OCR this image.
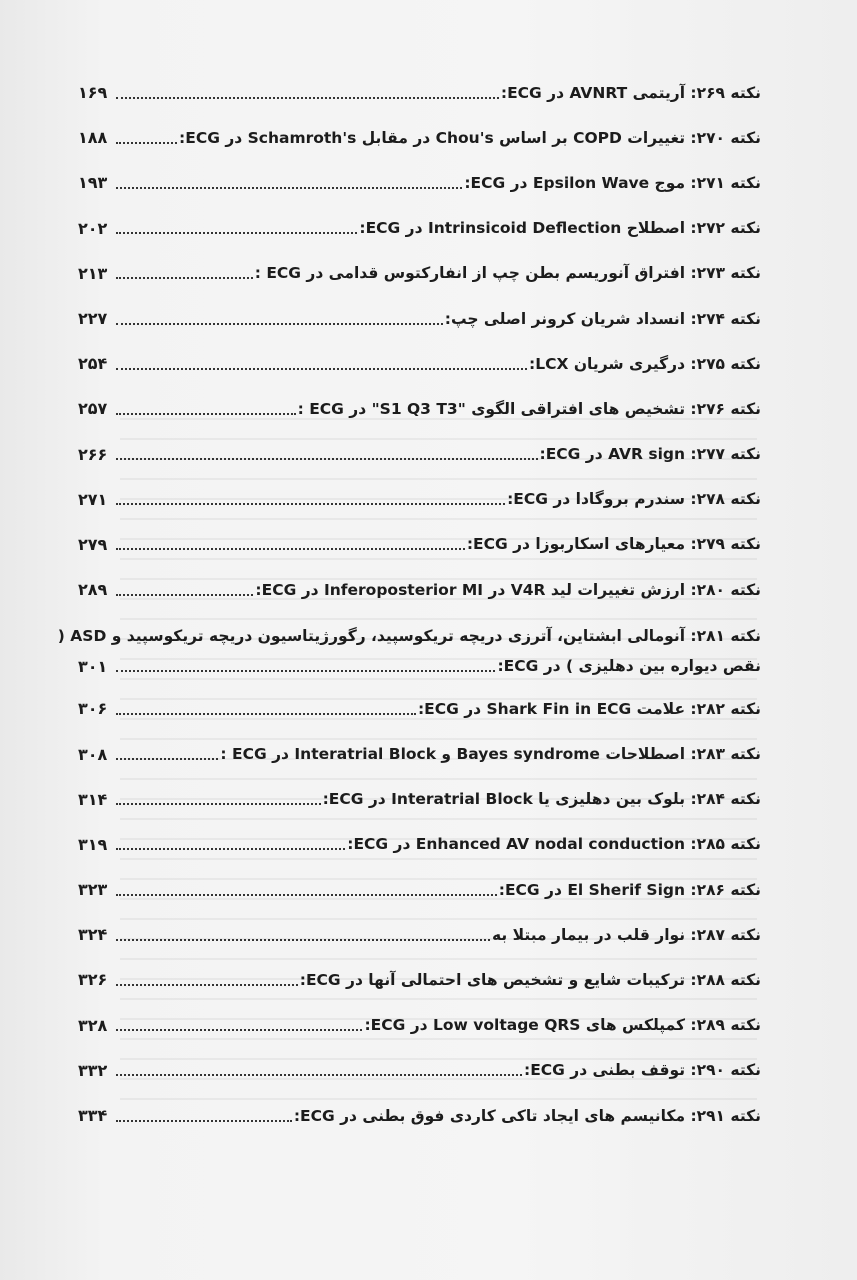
نکته ۲۶۹: آریتمی AVNRT در ECG:
۱۶۹
نکته ۲۷۰: تغییرات COPD بر اساس Chou's در مقابل Schamroth's در ECG:
۱۸۸
نکته ۲۷۱: موج Epsilon Wave در ECG:
۱۹۳
نکته ۲۷۲: اصطلاح Intrinsicoid Deflection در ECG:
۲۰۲
نکته ۲۷۳: افتراق آنوریسم بطن چپ از انفارکتوس قدامی در ECG :
۲۱۳
نکته ۲۷۴: انسداد شریان کرونر اصلی چپ:
۲۲۷
نکته ۲۷۵: درگیری شریان LCX:
۲۵۴
نکته ۲۷۶: تشخیص های افتراقی الگوی "S1 Q3 T3" در ECG :
۲۵۷
نکته ۲۷۷: AVR sign در ECG:
۲۶۶
نکته ۲۷۸: سندرم بروگادا در ECG:
۲۷۱
نکته ۲۷۹: معیارهای اسکاربوزا در ECG:
۲۷۹
نکته ۲۸۰: ارزش تغییرات لید V4R در Inferoposterior MI در ECG:
۲۸۹
نکته ۲۸۱: آنومالی ابشتاین، آترزی دریچه تریکوسپید، رگورژیتاسیون دریچه تریکوسپید و ASD (
نقص دیواره بین دهلیزی ) در ECG:
۳۰۱
نکته ۲۸۲: علامت Shark Fin in ECG در ECG:
۳۰۶
نکته ۲۸۳: اصطلاحات Bayes syndrome و Interatrial Block در ECG :
۳۰۸
نکته ۲۸۴: بلوک بین دهلیزی یا Interatrial Block در ECG:
۳۱۴
نکته ۲۸۵: Enhanced AV nodal conduction در ECG:
۳۱۹
نکته ۲۸۶: El Sherif Sign در ECG:
۳۲۳
نکته ۲۸۷: نوار قلب در بیمار مبتلا به
۳۲۴
نکته ۲۸۸: ترکیبات شایع و تشخیص های احتمالی آنها در ECG:
۳۲۶
نکته ۲۸۹: کمپلکس های Low voltage QRS در ECG:
۳۲۸
نکته ۲۹۰: توقف بطنی در ECG:
۳۳۲
نکته ۲۹۱: مکانیسم های ایجاد تاکی کاردی فوق بطنی در ECG:
۳۳۴
